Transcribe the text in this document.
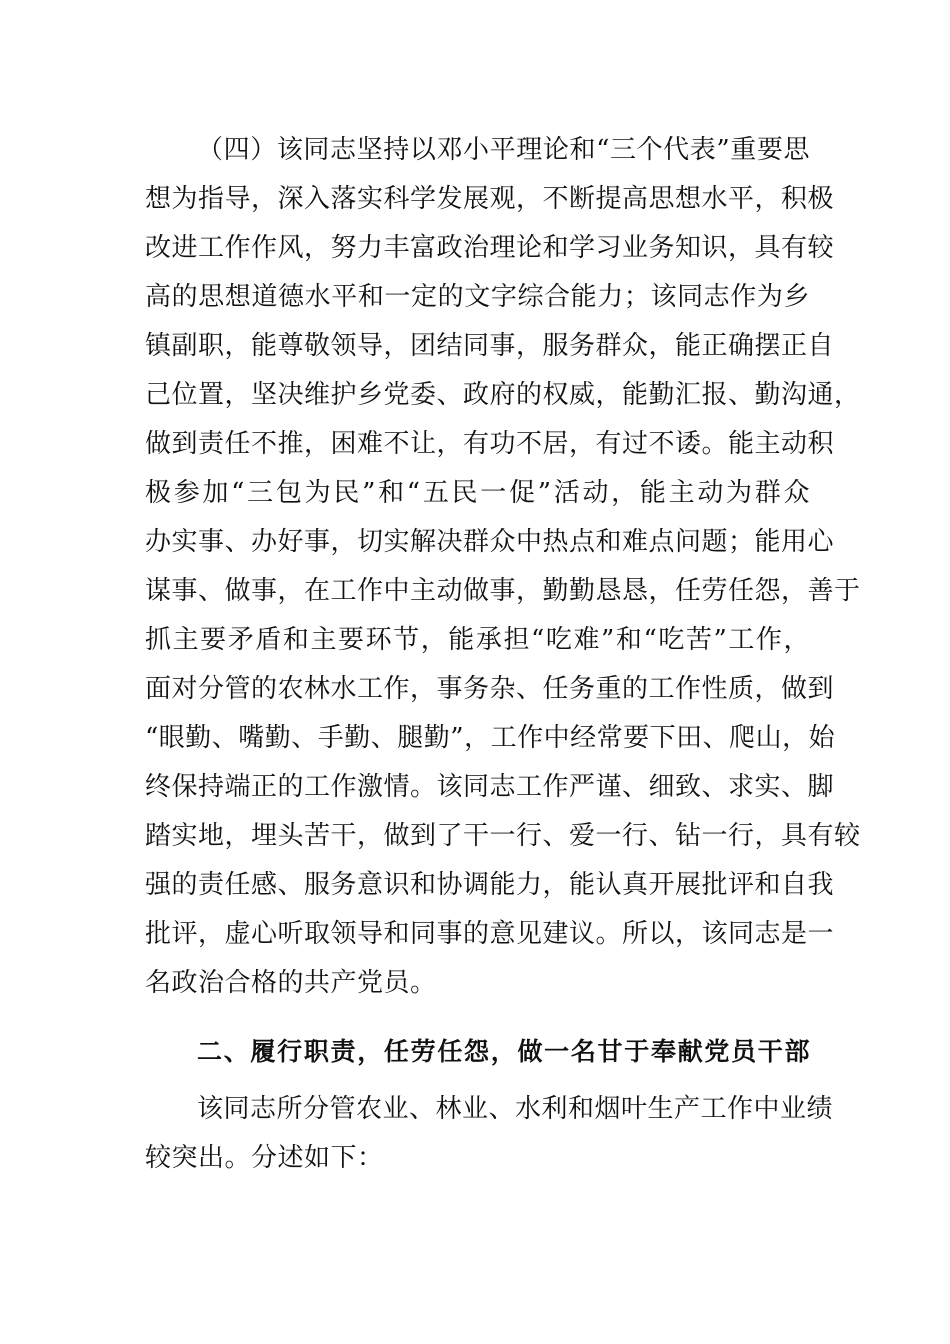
（四）该同志坚持以邓小平理论和“三个代表”重要思
想为指导，深入落实科学发展观，不断提高思想水平，积极
改进工作作风，努力丰富政治理论和学习业务知识，具有较
高的思想道德水平和一定的文字综合能力；该同志作为乡
镇副职，能尊敬领导，团结同事，服务群众，能正确摆正自
己位置，坚决维护乡党委、政府的权威，能勤汇报、勤沟通，
做到责任不推，困难不让，有功不居，有过不诿。能主动积
极参加“三包为民”和“五民一促”活动，能主动为群众
办实事、办好事，切实解决群众中热点和难点问题；能用心
谋事、做事，在工作中主动做事，勤勤恳恳，任劳任怨，善于
抓主要矛盾和主要环节，能承担“吃难”和“吃苦”工作，
面对分管的农林水工作，事务杂、任务重的工作性质，做到
“眼勤、嘴勤、手勤、腿勤”，工作中经常要下田、爬山，始
终保持端正的工作激情。该同志工作严谨、细致、求实、脚
踏实地，埋头苦干，做到了干一行、爱一行、钻一行，具有较
强的责任感、服务意识和协调能力，能认真开展批评和自我
批评，虚心听取领导和同事的意见建议。所以，该同志是一
名政治合格的共产党员。
二、履行职责，任劳任怨，做一名甘于奉献党员干部
该同志所分管农业、林业、水利和烟叶生产工作中业绩
较突出。分述如下：
